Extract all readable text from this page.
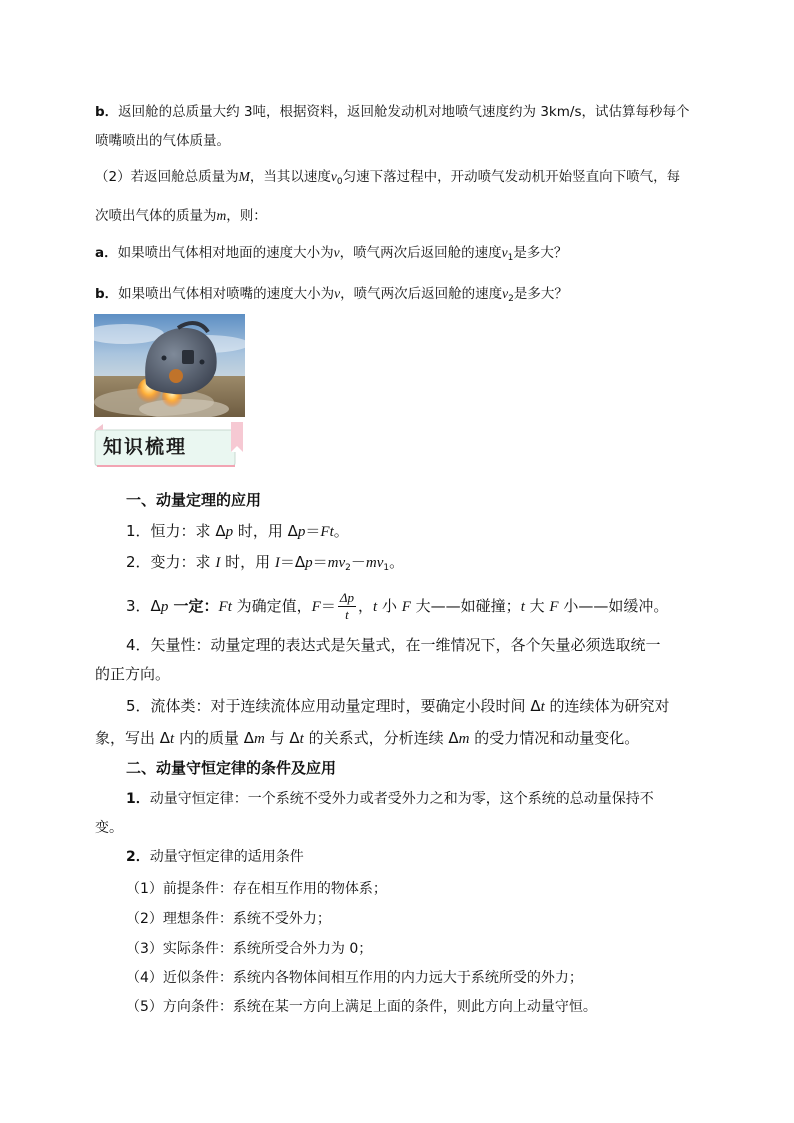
b．返回舱的总质量大约 3吨，根据资料，返回舱发动机对地喷气速度约为 3km/s，试估算每秒每个
喷嘴喷出的气体质量。
（2）若返回舱总质量为M，当其以速度$v_0$匀速下落过程中，开动喷气发动机开始竖直向下喷气，每
次喷出气体的质量为m，则：
a．如果喷出气体相对地面的速度大小为v，喷气两次后返回舱的速度$v_1$是多大？
b．如果喷出气体相对喷嘴的速度大小为v，喷气两次后返回舱的速度$v_2$是多大？
知识梳理
一、动量定理的应用
1．恒力：求 Δp 时，用 Δp＝Ft。
2．变力：求 I 时，用 $I=\Delta p=mv_2-mv_1$。
3．Δp 一定：Ft 为确定值，$F= \frac{\Delta p}{t}$ ，t 小 F 大——如碰撞；t 大 F 小——如缓冲。
4．矢量性：动量定理的表达式是矢量式，在一维情况下，各个矢量必须选取统一
的正方向。
5．流体类：对于连续流体应用动量定理时，要确定小段时间 Δt 的连续体为研究对
象，写出 Δt 内的质量 Δm 与 Δt 的关系式，分析连续 Δm 的受力情况和动量变化。
二、动量守恒定律的条件及应用
1．动量守恒定律：一个系统不受外力或者受外力之和为零，这个系统的总动量保持不
变。
2．动量守恒定律的适用条件
（1）前提条件：存在相互作用的物体系；
（2）理想条件：系统不受外力；
（3）实际条件：系统所受合外力为 0；
（4）近似条件：系统内各物体间相互作用的内力远大于系统所受的外力；
（5）方向条件：系统在某一方向上满足上面的条件，则此方向上动量守恒。
